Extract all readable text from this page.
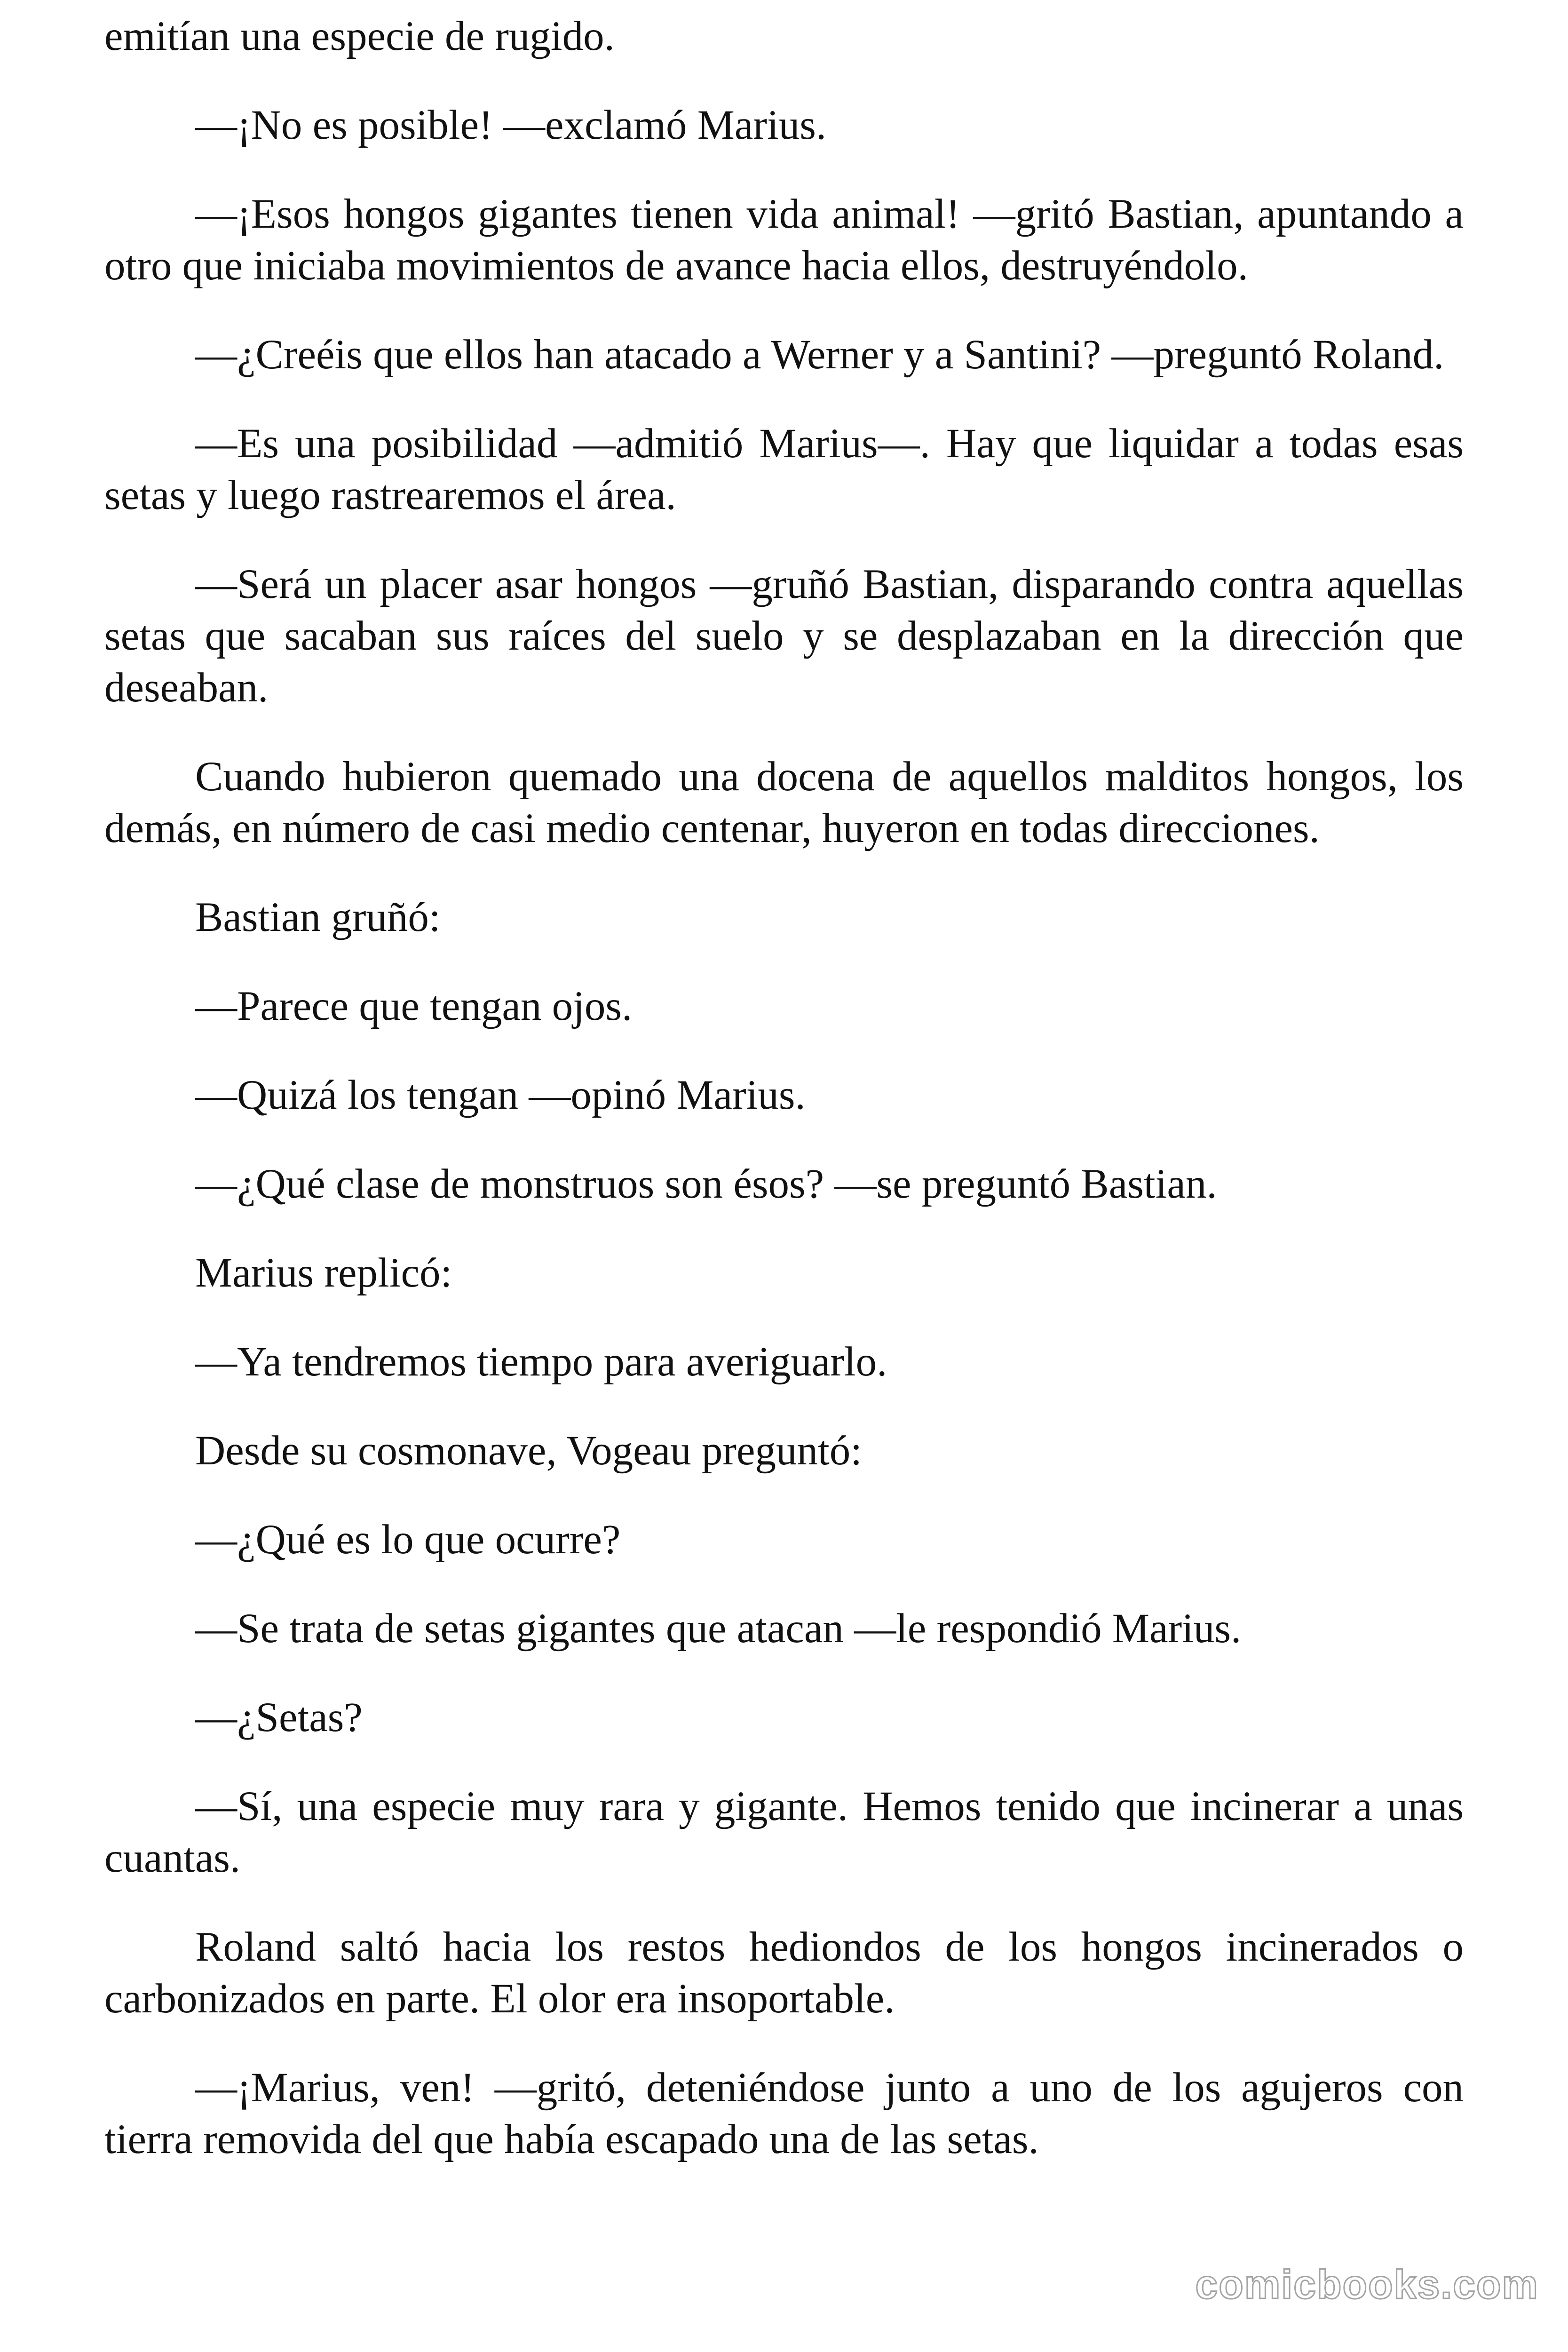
emitían una especie de rugido.

—¡No es posible! —exclamó Marius.

—¡Esos hongos gigantes tienen vida animal! —gritó Bastian, apuntando a otro que iniciaba movimientos de avance hacia ellos, destruyéndolo.

—¿Creéis que ellos han atacado a Werner y a Santini? —preguntó Roland.

—Es una posibilidad —admitió Marius—. Hay que liquidar a todas esas setas y luego rastrearemos el área.

—Será un placer asar hongos —gruñó Bastian, disparando contra aquellas setas que sacaban sus raíces del suelo y se desplazaban en la dirección que deseaban.

Cuando hubieron quemado una docena de aquellos malditos hongos, los demás, en número de casi medio centenar, huyeron en todas direcciones.

Bastian gruñó:

—Parece que tengan ojos.

—Quizá los tengan —opinó Marius.

—¿Qué clase de monstruos son ésos? —se preguntó Bastian.

Marius replicó:

—Ya tendremos tiempo para averiguarlo.

Desde su cosmonave, Vogeau preguntó:

—¿Qué es lo que ocurre?

—Se trata de setas gigantes que atacan —le respondió Marius.

—¿Setas?

—Sí, una especie muy rara y gigante. Hemos tenido que incinerar a unas cuantas.

Roland saltó hacia los restos hediondos de los hongos incinerados o carbonizados en parte. El olor era insoportable.

—¡Marius, ven! —gritó, deteniéndose junto a uno de los agujeros con tierra removida del que había escapado una de las setas.

comicbooks.com
